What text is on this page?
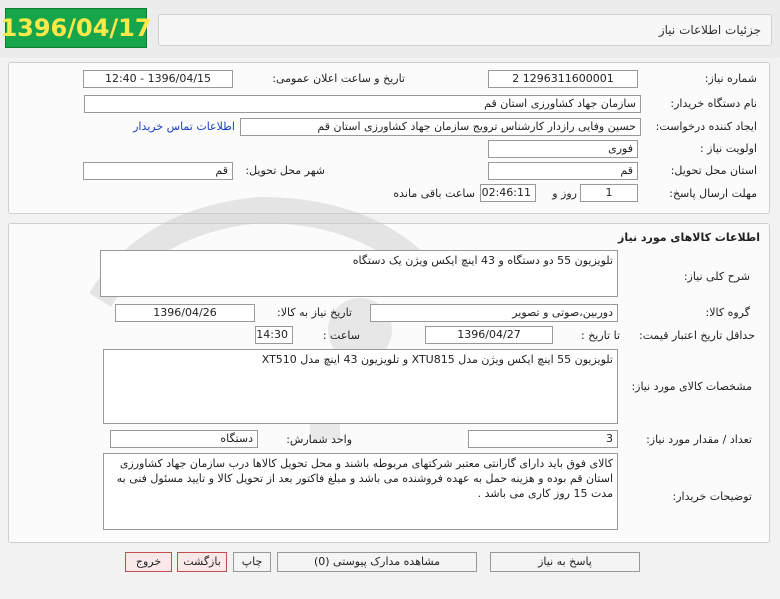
1396/04/17	جزئیات اطلاعات نیاز
شماره نیاز:
1296311600001 2
تاریخ و ساعت اعلان عمومی:
1396/04/15 - 12:40
نام دستگاه خریدار:
سازمان جهاد کشاورزی استان قم
ایجاد کننده درخواست:
حسین وفایی رازدار کارشناس ترویج سازمان جهاد کشاورزی استان قم
اطلاعات تماس خریدار
اولویت نیاز :
فوری
استان محل تحویل:
قم
شهر محل تحویل:
قم
مهلت ارسال پاسخ:
1
روز و
02:46:11
ساعت باقی مانده
اطلاعات کالاهای مورد نیاز
شرح کلی نیاز:
تلویزیون 55 دو دستگاه و 43 اینچ ایکس ویژن یک دستگاه
گروه کالا:
دوربین،صوتی و تصویر
تاریخ نیاز به کالا:
1396/04/26
حداقل تاریخ اعتبار قیمت:
تا تاریخ :
1396/04/27
ساعت :
14:30
مشخصات کالای مورد نیاز:
تلویزیون 55 اینچ ایکس ویژن مدل XTU815 و تلویزیون 43 اینچ مدل XT510
تعداد / مقدار مورد نیاز:
3
واحد شمارش:
دستگاه
توضیحات خریدار:
کالای فوق باید دارای گارانتی معتبر شرکتهای مربوطه باشند و محل تحویل کالاها درب سازمان جهاد کشاورزی استان قم بوده و هزینه حمل به عهده فروشنده می باشد و مبلغ فاکتور بعد از تحویل کالا و تایید مسئول فنی به مدت 15 روز کاری می باشد .
پاسخ به نیاز
مشاهده مدارک پیوستی (0)
چاپ
بازگشت
خروج
